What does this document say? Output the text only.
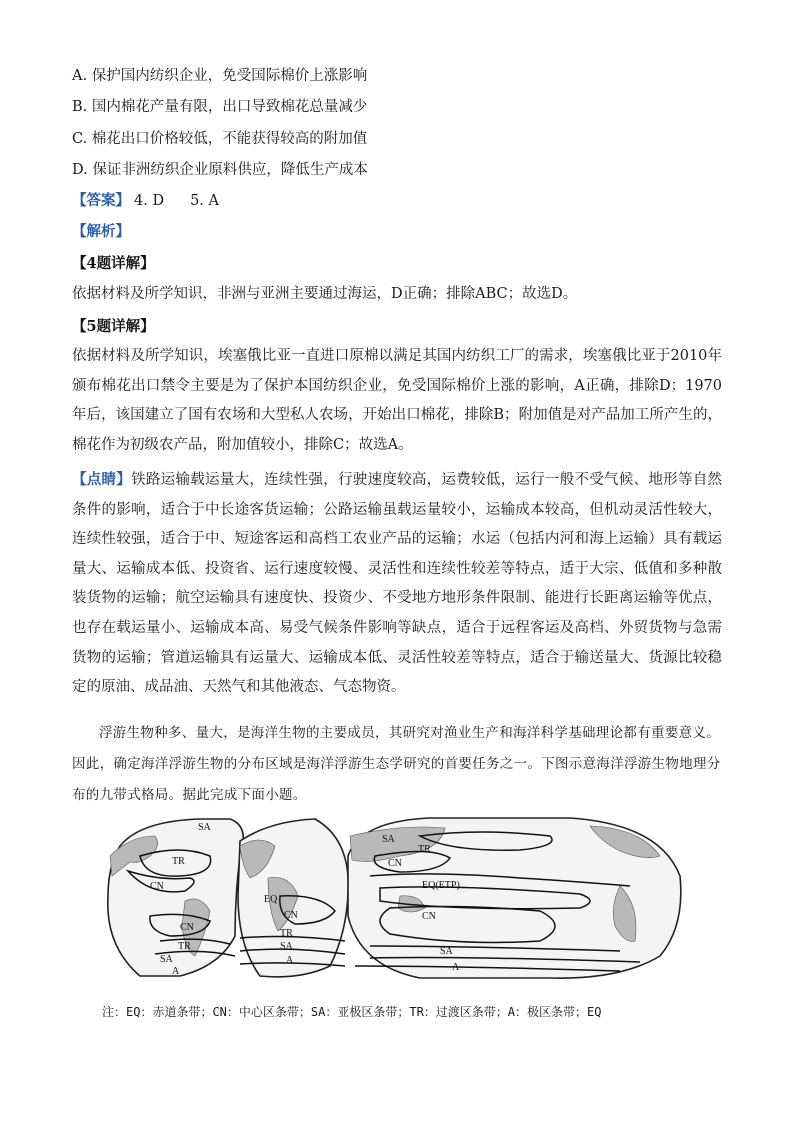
A. 保护国内纺织企业，免受国际棉价上涨影响
B. 国内棉花产量有限，出口导致棉花总量减少
C. 棉花出口价格较低，不能获得较高的附加值
D. 保证非洲纺织企业原料供应，降低生产成本
【答案】 4. D 5. A
【解析】
【4题详解】
依据材料及所学知识，非洲与亚洲主要通过海运，D正确；排除ABC；故选D。
【5题详解】
依据材料及所学知识，埃塞俄比亚一直进口原棉以满足其国内纺织工厂的需求，埃塞俄比亚于2010年颁布棉花出口禁令主要是为了保护本国纺织企业，免受国际棉价上涨的影响，A正确，排除D；1970年后，该国建立了国有农场和大型私人农场，开始出口棉花，排除B；附加值是对产品加工所产生的，棉花作为初级农产品，附加值较小，排除C；故选A。
【点睛】铁路运输载运量大，连续性强，行驶速度较高，运费较低，运行一般不受气候、地形等自然条件的影响，适合于中长途客货运输；公路运输虽载运量较小，运输成本较高，但机动灵活性较大，连续性较强，适合于中、短途客运和高档工农业产品的运输；水运（包括内河和海上运输）具有载运量大、运输成本低、投资省、运行速度较慢、灵活性和连续性较差等特点，适于大宗、低值和多种散装货物的运输；航空运输具有速度快、投资少、不受地方地形条件限制、能进行长距离运输等优点，也存在载运量小、运输成本高、易受气候条件影响等缺点，适合于远程客运及高档、外贸货物与急需货物的运输；管道运输具有运量大、运输成本低、灵活性较差等特点，适合于输送量大、货源比较稳定的原油、成品油、天然气和其他液态、气态物资。
浮游生物种多、量大，是海洋生物的主要成员，其研究对渔业生产和海洋科学基础理论都有重要意义。因此，确定海洋浮游生物的分布区域是海洋浮游生态学研究的首要任务之一。下图示意海洋浮游生物地理分布的九带式格局。据此完成下面小题。
SA
TR
CN
CN
TR
SA
A
EQ
CN
TR
SA
A
SA
TR
CN
EQ(ETP)
CN
SA
A
注：EQ：赤道条带；CN：中心区条带；SA：亚极区条带；TR：过渡区条带；A：极区条带；EQ
